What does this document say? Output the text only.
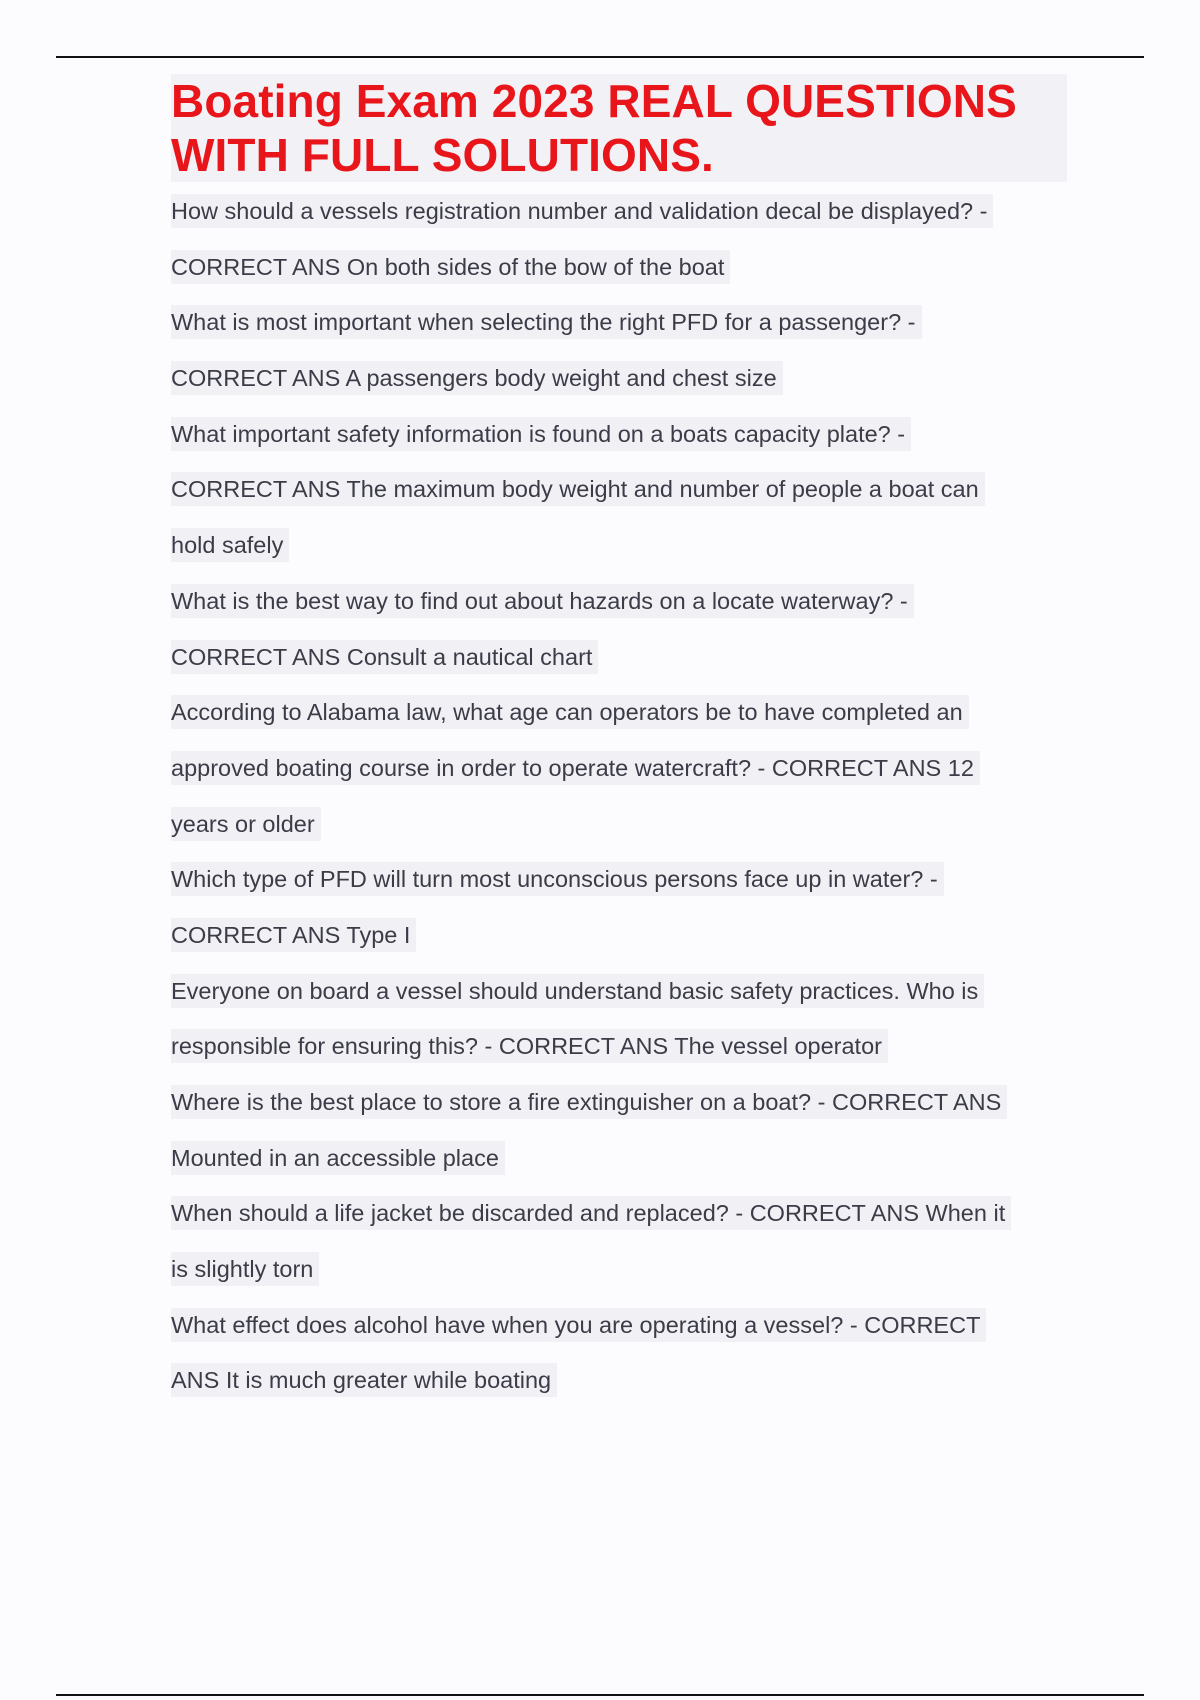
Boating Exam 2023 REAL QUESTIONS WITH FULL SOLUTIONS.
How should a vessels registration number and validation decal be displayed? -
CORRECT ANS On both sides of the bow of the boat
What is most important when selecting the right PFD for a passenger? -
CORRECT ANS A passengers body weight and chest size
What important safety information is found on a boats capacity plate? -
CORRECT ANS The maximum body weight and number of people a boat can
hold safely
What is the best way to find out about hazards on a locate waterway? -
CORRECT ANS Consult a nautical chart
According to Alabama law, what age can operators be to have completed an
approved boating course in order to operate watercraft? - CORRECT ANS 12
years or older
Which type of PFD will turn most unconscious persons face up in water? -
CORRECT ANS Type I
Everyone on board a vessel should understand basic safety practices. Who is
responsible for ensuring this? - CORRECT ANS The vessel operator
Where is the best place to store a fire extinguisher on a boat? - CORRECT ANS
Mounted in an accessible place
When should a life jacket be discarded and replaced? - CORRECT ANS When it
is slightly torn
What effect does alcohol have when you are operating a vessel? - CORRECT
ANS It is much greater while boating
